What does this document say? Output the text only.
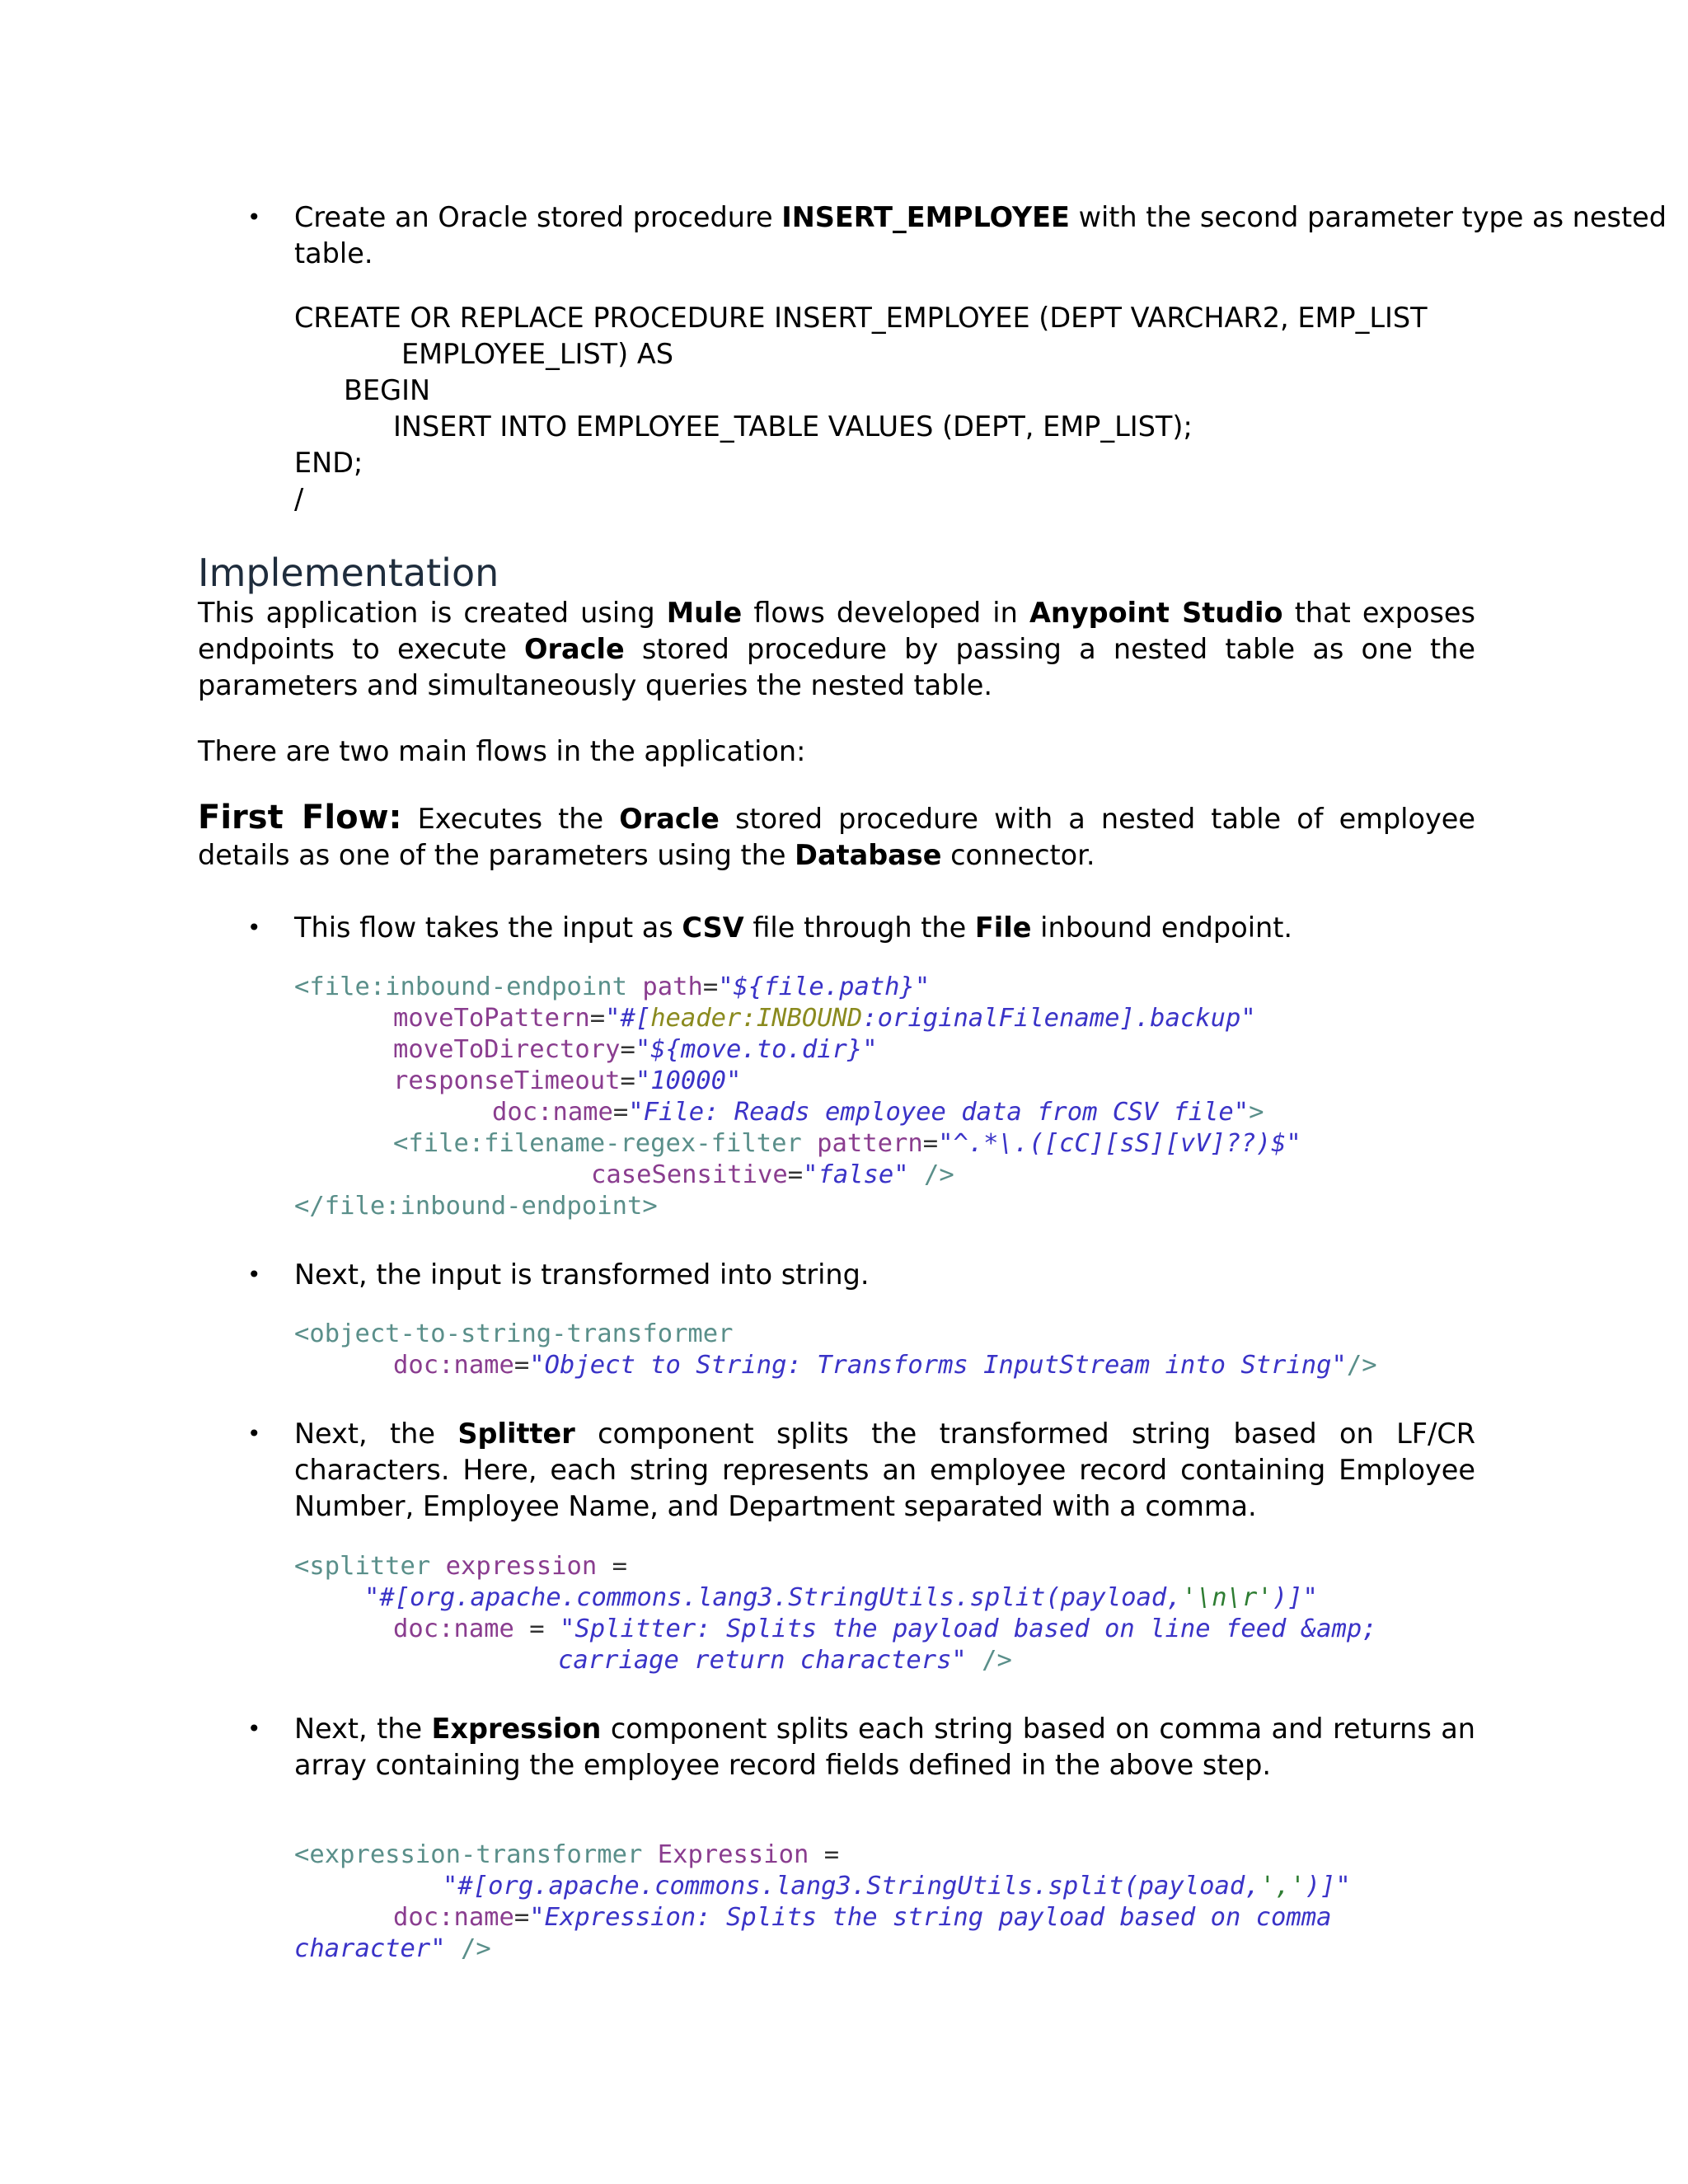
• Create an Oracle stored procedure INSERT_EMPLOYEE with the second parameter type as nested
table.
CREATE OR REPLACE PROCEDURE INSERT_EMPLOYEE (DEPT VARCHAR2, EMP_LIST
EMPLOYEE_LIST) AS
BEGIN
INSERT INTO EMPLOYEE_TABLE VALUES (DEPT, EMP_LIST);
END;
/
Implementation
This application is created using Mule flows developed in Anypoint Studio that exposes endpoints to execute Oracle stored procedure by passing a nested table as one the parameters and simultaneously queries the nested table.
There are two main flows in the application:
First Flow: Executes the Oracle stored procedure with a nested table of employee details as one of the parameters using the Database connector.
• This flow takes the input as CSV file through the File inbound endpoint.
<file:inbound-endpoint path="${file.path}"
moveToPattern="#[header:INBOUND:originalFilename].backup"
moveToDirectory="${move.to.dir}"
responseTimeout="10000"
doc:name="File: Reads employee data from CSV file">
<file:filename-regex-filter pattern="^.*\.([cC][sS][vV]??)$"
caseSensitive="false" />
</file:inbound-endpoint>
• Next, the input is transformed into string.
<object-to-string-transformer
doc:name="Object to String: Transforms InputStream into String"/>
• Next, the Splitter component splits the transformed string based on LF/CR characters. Here, each string represents an employee record containing Employee Number, Employee Name, and Department separated with a comma.
<splitter expression =
"#[org.apache.commons.lang3.StringUtils.split(payload,'\n\r')]"
doc:name = "Splitter: Splits the payload based on line feed &amp;
carriage return characters" />
• Next, the Expression component splits each string based on comma and returns an array containing the employee record fields defined in the above step.
<expression-transformer Expression =
"#[org.apache.commons.lang3.StringUtils.split(payload,',')]"
doc:name="Expression: Splits the string payload based on comma
character" />
